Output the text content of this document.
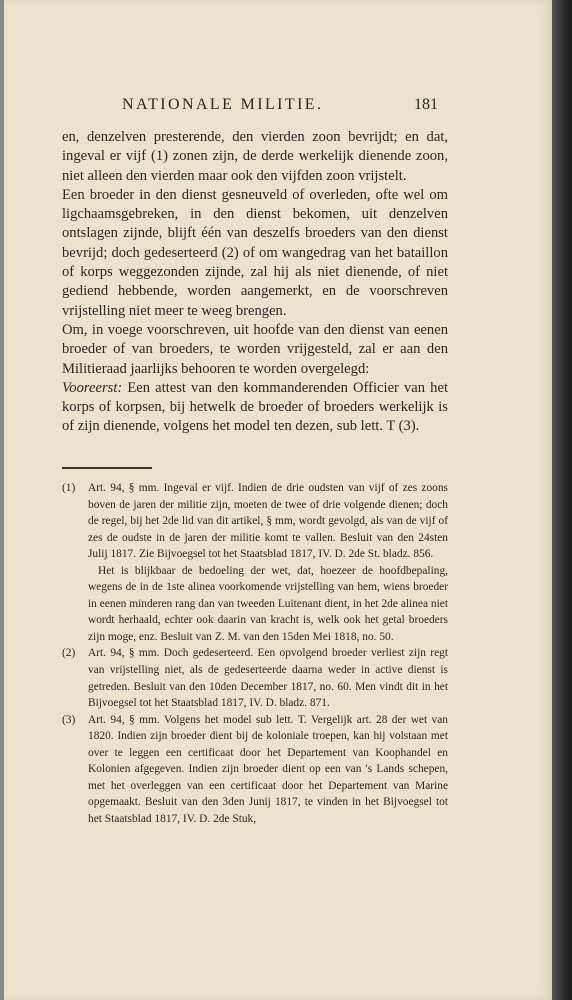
NATIONALE MILITIE.	181

en, denzelven presterende, den vierden zoon bevrijdt; en dat, ingeval er vijf (1) zonen zijn, de derde werkelijk dienende zoon, niet alleen den vierden maar ook den vijfden zoon vrijstelt.

Een broeder in den dienst gesneuveld of overleden, ofte wel om ligchaamsgebreken, in den dienst bekomen, uit denzelven ontslagen zijnde, blijft één van deszelfs broeders van den dienst bevrijd; doch gedeserteerd (2) of om wangedrag van het bataillon of korps weggezonden zijnde, zal hij als niet dienende, of niet gediend hebbende, worden aangemerkt, en de voorschreven vrijstelling niet meer te weeg brengen.

Om, in voege voorschreven, uit hoofde van den dienst van eenen broeder of van broeders, te worden vrijgesteld, zal er aan den Militieraad jaarlijks behooren te worden overgelegd:

Vooreerst: Een attest van den kommanderenden Officier van het korps of korpsen, bij hetwelk de broeder of broeders werkelijk is of zijn dienende, volgens het model ten dezen, sub lett. T (3).

(1)	Art. 94, § mm. Ingeval er vijf. Indien de drie oudsten van vijf of zes zoons boven de jaren der militie zijn, moeten de twee of drie volgende dienen; doch de regel, bij het 2de lid van dit artikel, § mm, wordt gevolgd, als van de vijf of zes de oudste in de jaren der militie komt te vallen. Besluit van den 24sten Julij 1817. Zie Bijvoegsel tot het Staatsblad 1817, IV. D. 2de St. bladz. 856.

Het is blijkbaar de bedoeling der wet, dat, hoezeer de hoofdbepaling, wegens de in de 1ste alinea voorkomende vrijstelling van hem, wiens broeder in eenen minderen rang dan van tweeden Luitenant dient, in het 2de alinea niet wordt herhaald, echter ook daarin van kracht is, welk ook het getal broeders zijn moge, enz. Besluit van Z. M. van den 15den Mei 1818, no. 50.

(2)	Art. 94, § mm. Doch gedeserteerd. Een opvolgend broeder verliest zijn regt van vrijstelling niet, als de gedeserteerde daarna weder in active dienst is getreden. Besluit van den 10den December 1817, no. 60. Men vindt dit in het Bijvoegsel tot het Staatsblad 1817, IV. D. bladz. 871.

(3)	Art. 94, § mm. Volgens het model sub lett. T. Vergelijk art. 28 der wet van 1820. Indien zijn broeder dient bij de koloniale troepen, kan hij volstaan met over te leggen een certificaat door het Departement van Koophandel en Kolonien afgegeven. Indien zijn broeder dient op een van 's Lands schepen, met het overleggen van een certificaat door het Departement van Marine opgemaakt. Besluit van den 3den Junij 1817, te vinden in het Bijvoegsel tot het Staatsblad 1817, IV. D. 2de Stuk,
